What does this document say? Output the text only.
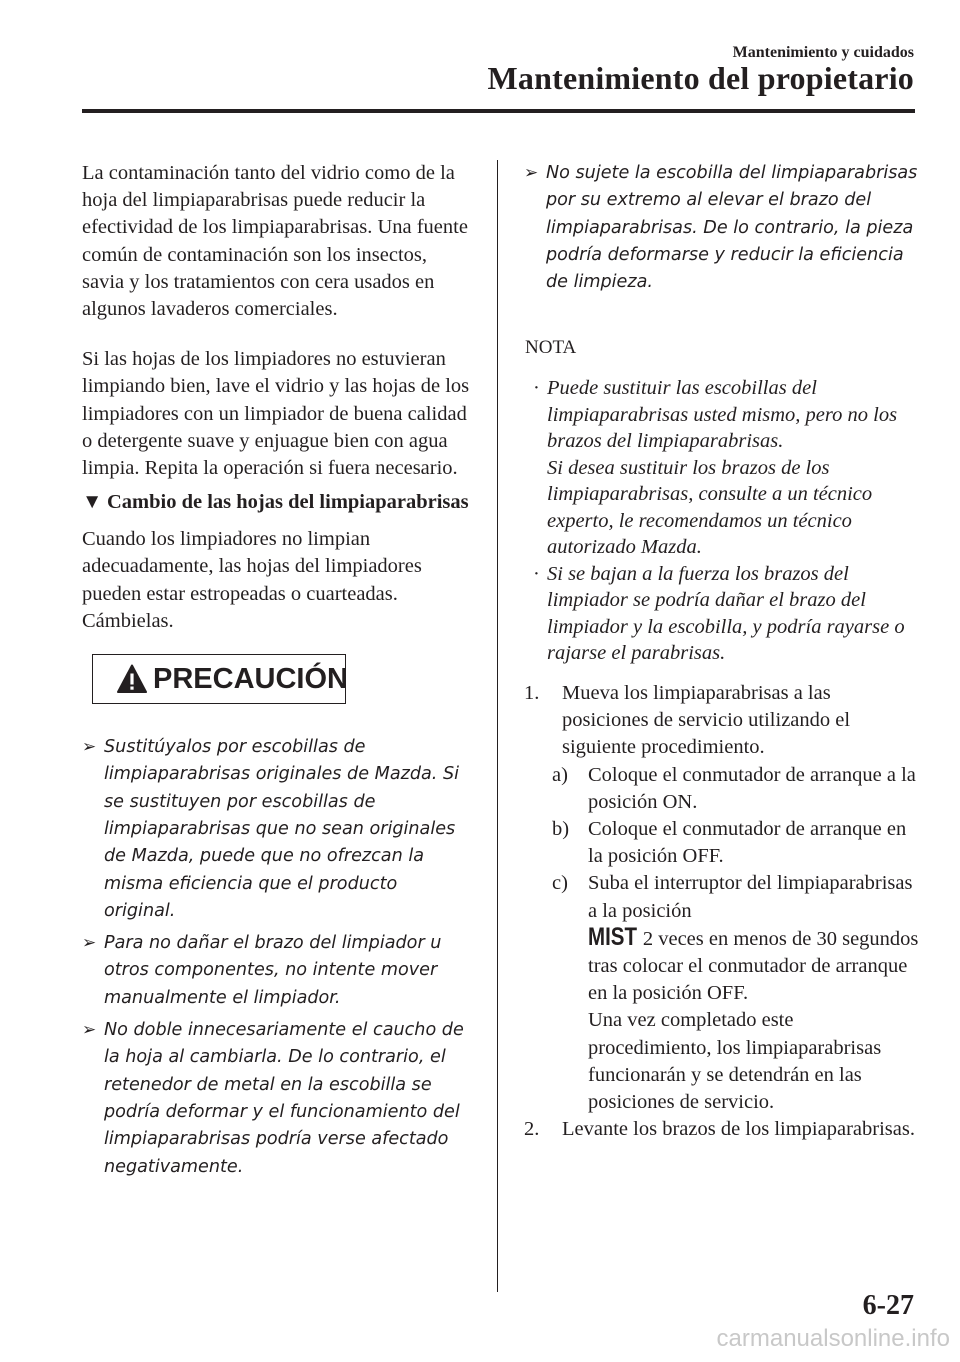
Mantenimiento y cuidados
Mantenimiento del propietario

La contaminación tanto del vidrio como de la hoja del limpiaparabrisas puede reducir la efectividad de los limpiaparabrisas. Una fuente común de contaminación son los insectos, savia y los tratamientos con cera usados en algunos lavaderos comerciales.

Si las hojas de los limpiadores no estuvieran limpiando bien, lave el vidrio y las hojas de los limpiadores con un limpiador de buena calidad o detergente suave y enjuague bien con agua limpia. Repita la operación si fuera necesario.

▼ Cambio de las hojas del limpiaparabrisas

Cuando los limpiadores no limpian adecuadamente, las hojas del limpiadores pueden estar estropeadas o cuarteadas. Cámbielas.

PRECAUCIÓN
➢ Sustitúyalos por escobillas de limpiaparabrisas originales de Mazda. Si se sustituyen por escobillas de limpiaparabrisas que no sean originales de Mazda, puede que no ofrezcan la misma eficiencia que el producto original.
➢ Para no dañar el brazo del limpiador u otros componentes, no intente mover manualmente el limpiador.
➢ No doble innecesariamente el caucho de la hoja al cambiarla. De lo contrario, el retenedor de metal en la escobilla se podría deformar y el funcionamiento del limpiaparabrisas podría verse afectado negativamente.
➢ No sujete la escobilla del limpiaparabrisas por su extremo al elevar el brazo del limpiaparabrisas. De lo contrario, la pieza podría deformarse y reducir la eficiencia de limpieza.
NOTA
· Puede sustituir las escobillas del limpiaparabrisas usted mismo, pero no los brazos del limpiaparabrisas.
Si desea sustituir los brazos de los limpiaparabrisas, consulte a un técnico experto, le recomendamos un técnico autorizado Mazda.
· Si se bajan a la fuerza los brazos del limpiador se podría dañar el brazo del limpiador y la escobilla, y podría rayarse o rajarse el parabrisas.
1. Mueva los limpiaparabrisas a las posiciones de servicio utilizando el siguiente procedimiento.
a) Coloque el conmutador de arranque a la posición ON.
b) Coloque el conmutador de arranque en la posición OFF.
c) Suba el interruptor del limpiaparabrisas a la posición
MIST 2 veces en menos de 30 segundos tras colocar el conmutador de arranque en la posición OFF.
Una vez completado este procedimiento, los limpiaparabrisas funcionarán y se detendrán en las posiciones de servicio.
2. Levante los brazos de los limpiaparabrisas.
6-27
carmanualsonline.info
